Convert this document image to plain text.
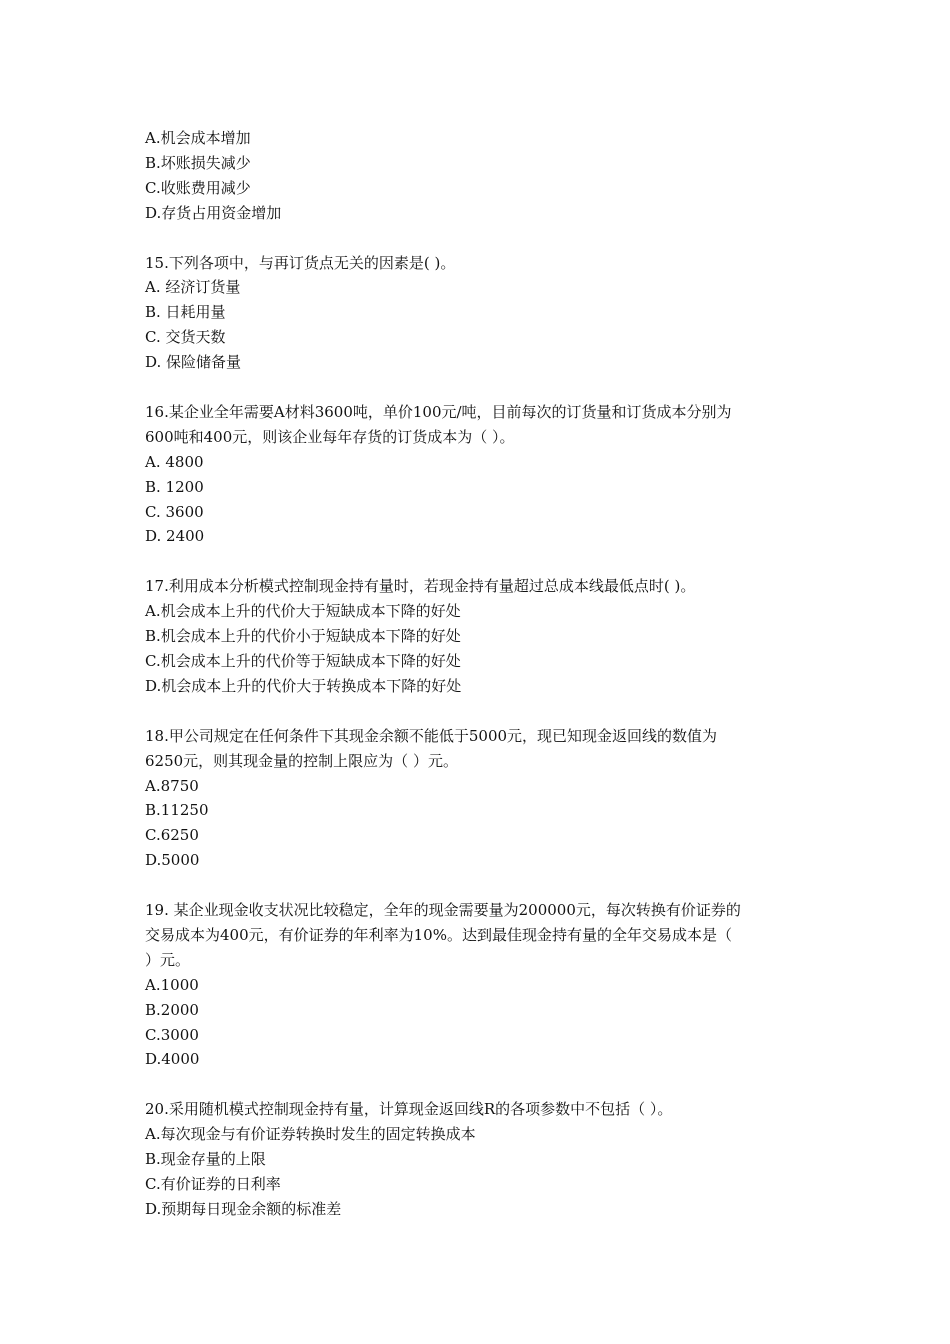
A.机会成本增加
B.坏账损失减少
C.收账费用减少
D.存货占用资金增加
15.下列各项中，与再订货点无关的因素是( )。
A. 经济订货量
B. 日耗用量
C. 交货天数
D. 保险储备量
16.某企业全年需要A材料3600吨，单价100元/吨，目前每次的订货量和订货成本分别为
600吨和400元，则该企业每年存货的订货成本为（ ）。
A. 4800
B. 1200
C. 3600
D. 2400
17.利用成本分析模式控制现金持有量时，若现金持有量超过总成本线最低点时( )。
A.机会成本上升的代价大于短缺成本下降的好处
B.机会成本上升的代价小于短缺成本下降的好处
C.机会成本上升的代价等于短缺成本下降的好处
D.机会成本上升的代价大于转换成本下降的好处
18.甲公司规定在任何条件下其现金余额不能低于5000元，现已知现金返回线的数值为
6250元，则其现金量的控制上限应为（ ）元。
A.8750
B.11250
C.6250
D.5000
19. 某企业现金收支状况比较稳定，全年的现金需要量为200000元，每次转换有价证券的
交易成本为400元，有价证券的年利率为10%。达到最佳现金持有量的全年交易成本是（
）元。
A.1000
B.2000
C.3000
D.4000
20.采用随机模式控制现金持有量，计算现金返回线R的各项参数中不包括（ ）。
A.每次现金与有价证券转换时发生的固定转换成本
B.现金存量的上限
C.有价证券的日利率
D.预期每日现金余额的标准差
